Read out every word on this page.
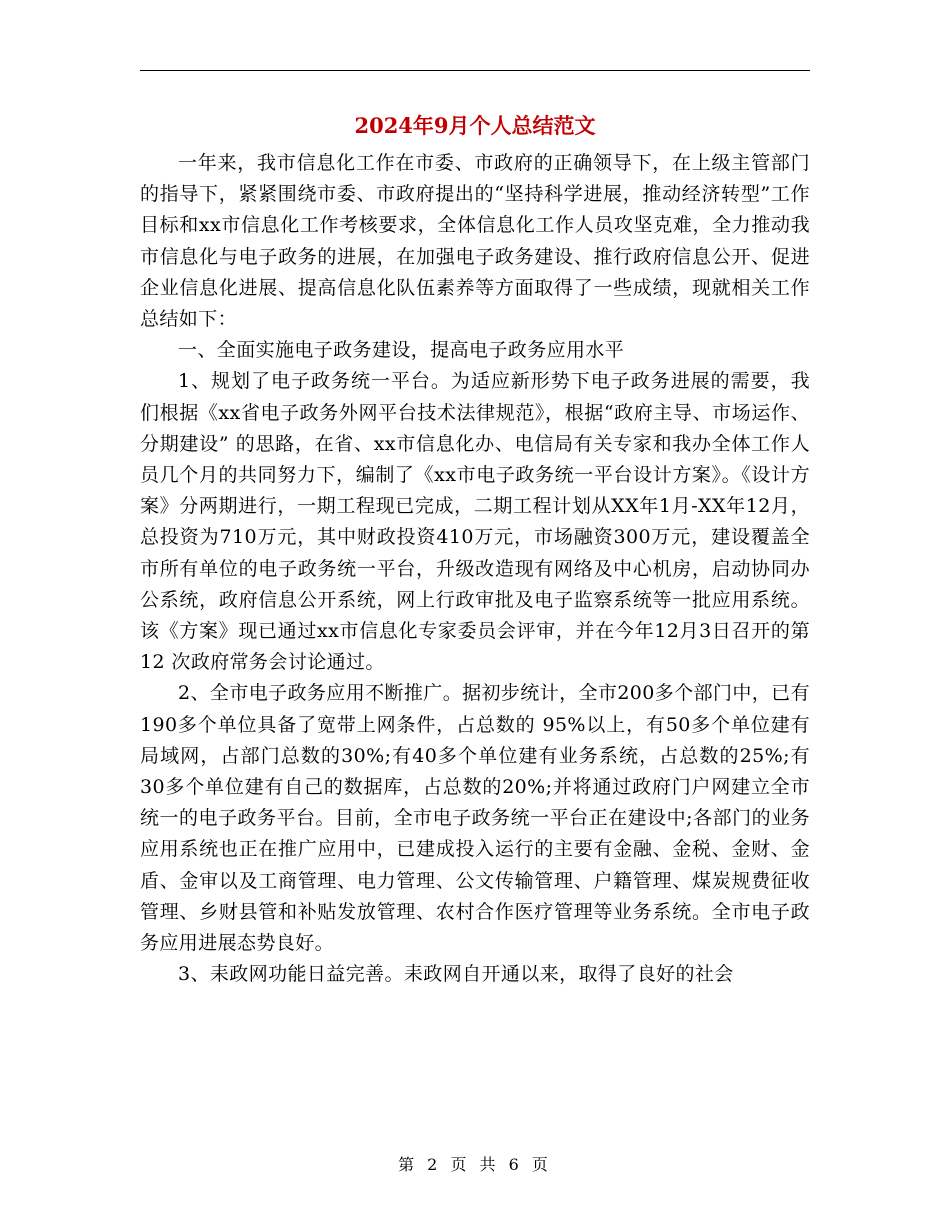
2024年9月个人总结范文

一年来，我市信息化工作在市委、市政府的正确领导下，在上级主管部门的指导下，紧紧围绕市委、市政府提出的“坚持科学进展，推动经济转型”工作目标和xx市信息化工作考核要求，全体信息化工作人员攻坚克难，全力推动我市信息化与电子政务的进展，在加强电子政务建设、推行政府信息公开、促进企业信息化进展、提高信息化队伍素养等方面取得了一些成绩，现就相关工作总结如下：

一、全面实施电子政务建设，提高电子政务应用水平

1、规划了电子政务统一平台。为适应新形势下电子政务进展的需要，我们根据《xx省电子政务外网平台技术法律规范》，根据“政府主导、市场运作、分期建设” 的思路，在省、xx市信息化办、电信局有关专家和我办全体工作人员几个月的共同努力下，编制了《xx市电子政务统一平台设计方案》。《设计方案》分两期进行，一期工程现已完成，二期工程计划从XX年1月-XX年12月，总投资为710万元，其中财政投资410万元，市场融资300万元，建设覆盖全市所有单位的电子政务统一平台，升级改造现有网络及中心机房，启动协同办公系统，政府信息公开系统，网上行政审批及电子监察系统等一批应用系统。该《方案》现已通过xx市信息化专家委员会评审，并在今年12月3日召开的第12 次政府常务会讨论通过。

2、全市电子政务应用不断推广。据初步统计，全市200多个部门中，已有190多个单位具备了宽带上网条件，占总数的 95%以上，有50多个单位建有局域网，占部门总数的30%;有40多个单位建有业务系统，占总数的25%;有30多个单位建有自己的数据库，占总数的20%;并将通过政府门户网建立全市统一的电子政务平台。目前，全市电子政务统一平台正在建设中;各部门的业务应用系统也正在推广应用中，已建成投入运行的主要有金融、金税、金财、金盾、金审以及工商管理、电力管理、公文传输管理、户籍管理、煤炭规费征收管理、乡财县管和补贴发放管理、农村合作医疗管理等业务系统。全市电子政务应用进展态势良好。

3、耒政网功能日益完善。耒政网自开通以来，取得了良好的社会

第 2 页 共 6 页
